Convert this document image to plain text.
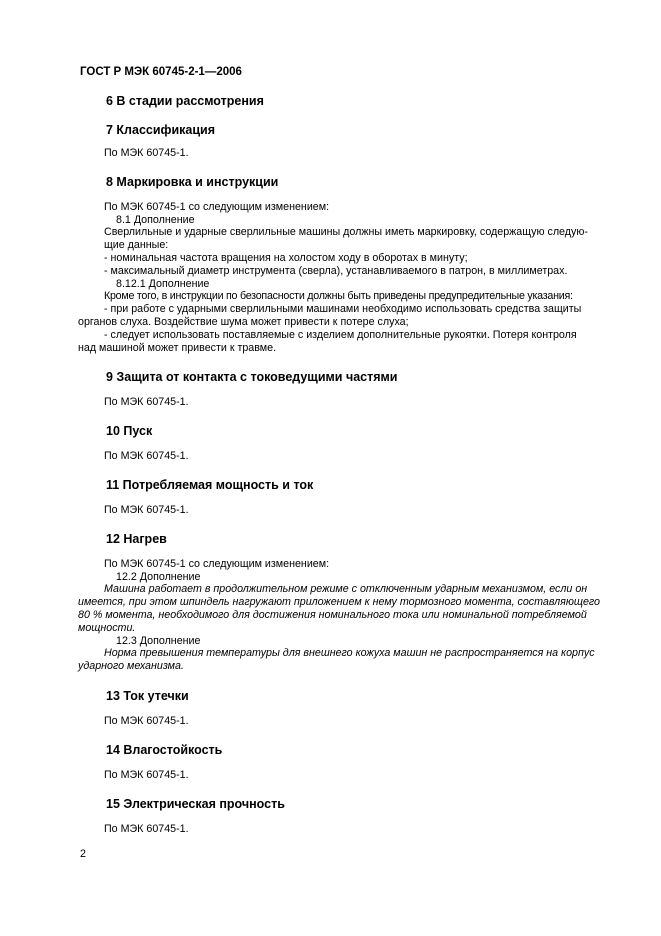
ГОСТ Р МЭК 60745-2-1—2006
6 В стадии рассмотрения
7 Классификация

По МЭК 60745-1.

8 Маркировка и инструкции

По МЭК 60745-1 со следующим изменением:

8.1 Дополнение

Сверлильные и ударные сверлильные машины должны иметь маркировку, содержащую следую-

щие данные:

- номинальная частота вращения на холостом ходу в оборотах в минуту;

- максимальный диаметр инструмента (сверла), устанавливаемого в патрон, в миллиметрах.

8.12.1 Дополнение

Кроме того, в инструкции по безопасности должны быть приведены предупредительные указания:

- при работе с ударными сверлильными машинами необходимо использовать средства защиты

органов слуха. Воздействие шума может привести к потере слуха;

- следует использовать поставляемые с изделием дополнительные рукоятки. Потеря контроля

над машиной может привести к травме.

9 Защита от контакта с токоведущими частями

По МЭК 60745-1.

10 Пуск

По МЭК 60745-1.

11 Потребляемая мощность и ток

По МЭК 60745-1.

12 Нагрев

По МЭК 60745-1 со следующим изменением:

12.2 Дополнение

Машина работает в продолжительном режиме с отключенным ударным механизмом, если он

имеется, при этом шпиндель нагружают приложением к нему тормозного момента, составляющего

80 % момента, необходимого для достижения номинального тока или номинальной потребляемой

мощности.

12.3 Дополнение

Норма превышения температуры для внешнего кожуха машин не распространяется на корпус

ударного механизма.

13 Ток утечки

По МЭК 60745-1.

14 Влагостойкость

По МЭК 60745-1.

15 Электрическая прочность

По МЭК 60745-1.

2
